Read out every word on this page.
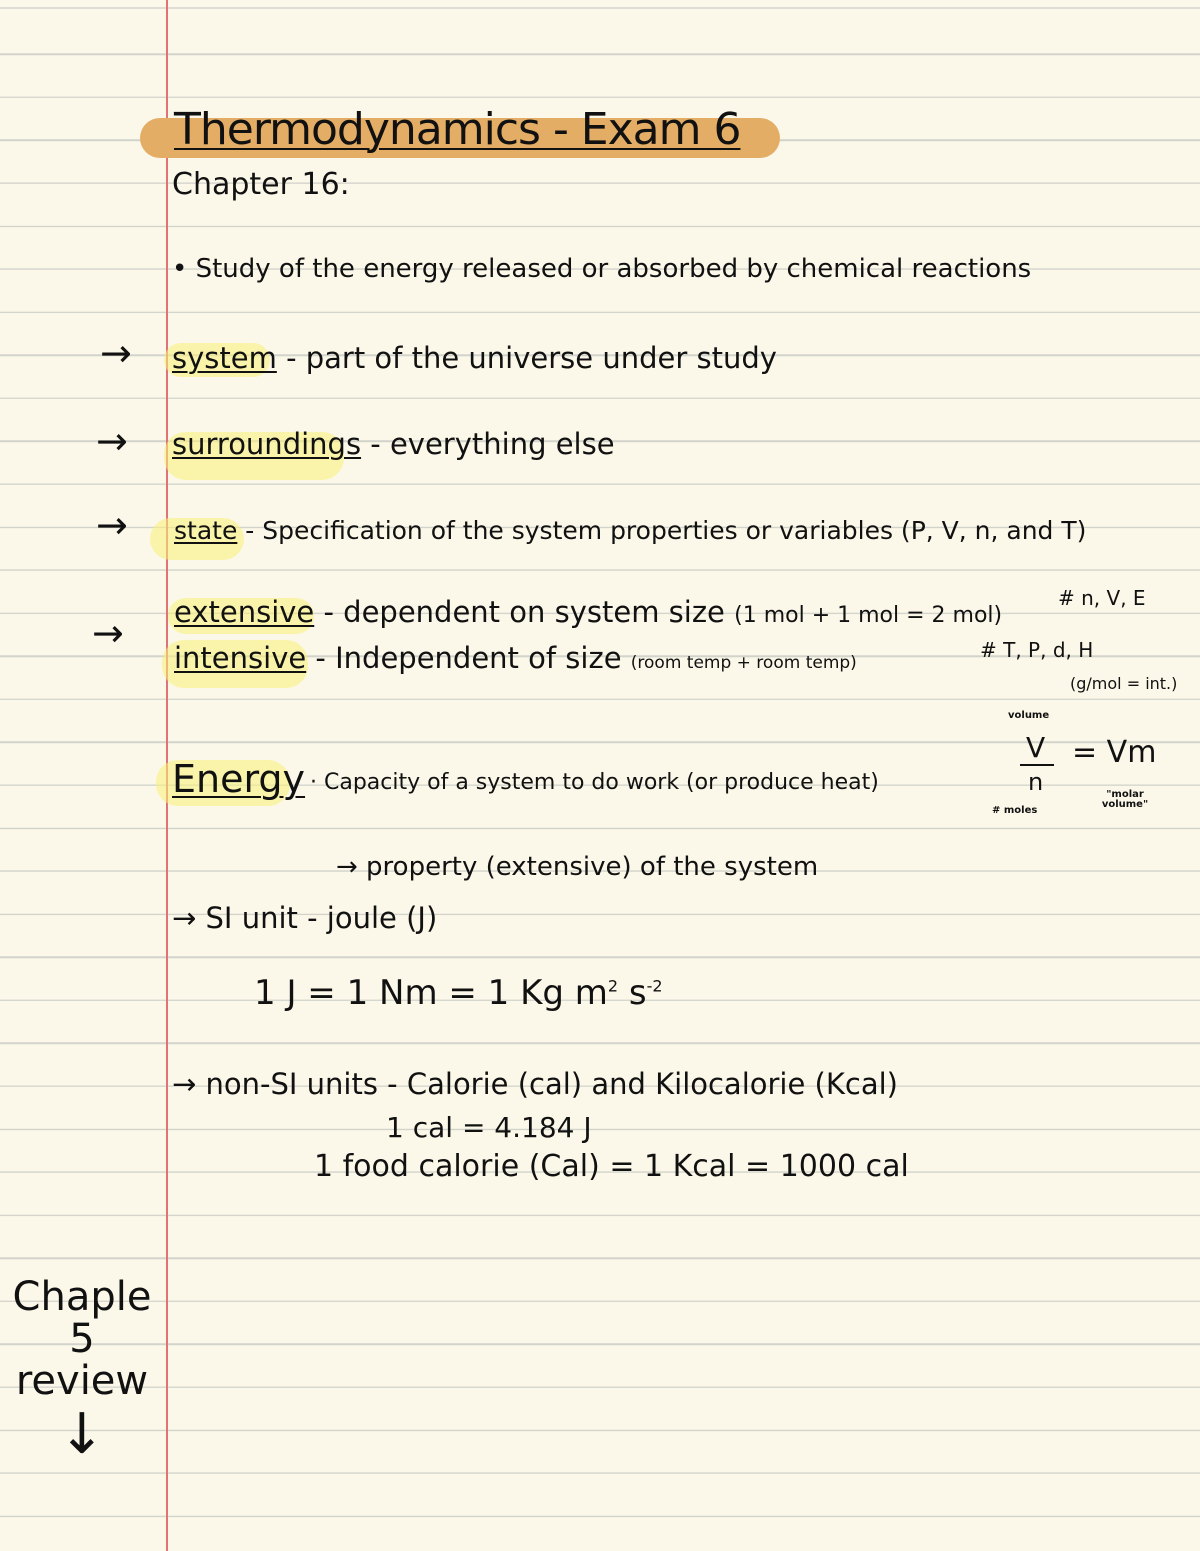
Thermodynamics - Exam 6
Chapter 16:
• Study of the energy released or absorbed by chemical reactions
→ system - part of the universe under study
→ surroundings - everything else
→ state - Specification of the system properties or variables (P, V, n, and T)
→ extensive - dependent on system size (1 mol + 1 mol = 2 mol)
# n, V, E
intensive - Independent of size (room temp + room temp)
# T, P, d, H
(g/mol = int.)
volume
V
n
# moles
= Vm
"molar volume"
Energy · Capacity of a system to do work (or produce heat)
→ property (extensive) of the system
→ SI unit - joule (J)
1 J = 1 Nm = 1 Kg $m^2$ $s^{-2}$
→ non-SI units - Calorie (cal) and Kilocalorie (Kcal)
1 cal = 4.184 J
1 food calorie (Cal) = 1 Kcal = 1000 cal
Chaple 5
review
↓
